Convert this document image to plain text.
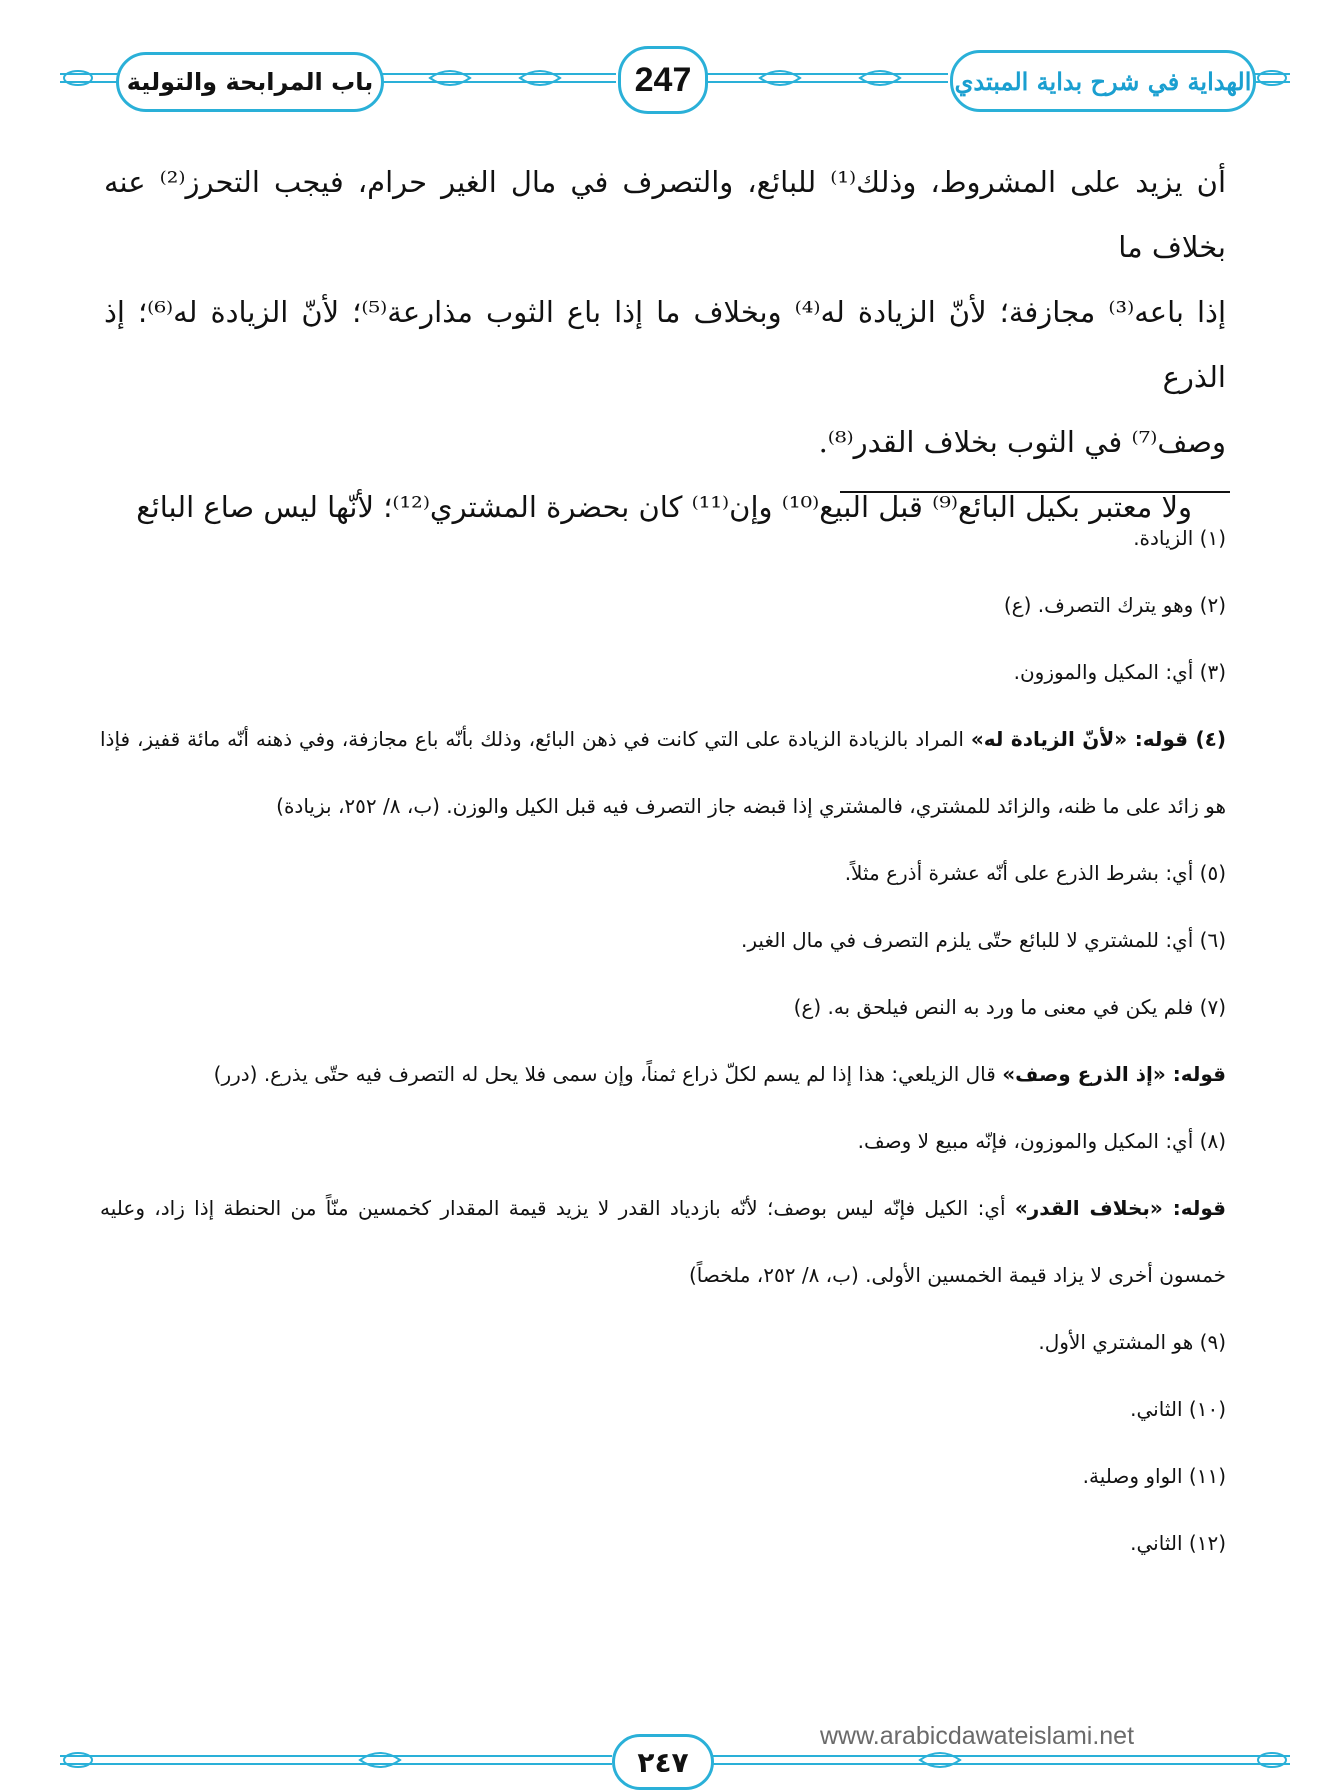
باب المرابحة والتولية	247	الهداية في شرح بداية المبتدي

أن يزيد على المشروط، وذلك⁽¹⁾ للبائع، والتصرف في مال الغير حرام، فيجب التحرز⁽²⁾ عنه بخلاف ما

إذا باعه⁽³⁾ مجازفة؛ لأنّ الزيادة له⁽⁴⁾ وبخلاف ما إذا باع الثوب مذارعة⁽⁵⁾؛ لأنّ الزيادة له⁽⁶⁾؛ إذ الذرع

وصف⁽⁷⁾ في الثوب بخلاف القدر⁽⁸⁾.

ولا معتبر بكيل البائع⁽⁹⁾ قبل البيع⁽¹⁰⁾ وإن⁽¹¹⁾ كان بحضرة المشتري⁽¹²⁾؛ لأنّها ليس صاع البائع

(١) الزيادة.
(٢) وهو يترك التصرف. (ع)
(٣) أي: المكيل والموزون.
(٤) قوله: «لأنّ الزيادة له» المراد بالزيادة الزيادة على التي كانت في ذهن البائع، وذلك بأنّه باع مجازفة، وفي ذهنه أنّه مائة قفيز، فإذا هو زائد على ما ظنه، والزائد للمشتري، فالمشتري إذا قبضه جاز التصرف فيه قبل الكيل والوزن. (ب، ٨/ ٢٥٢، بزيادة)
(٥) أي: بشرط الذرع على أنّه عشرة أذرع مثلاً.
(٦) أي: للمشتري لا للبائع حتّى يلزم التصرف في مال الغير.
(٧) فلم يكن في معنى ما ورد به النص فيلحق به. (ع)
قوله: «إذ الذرع وصف» قال الزيلعي: هذا إذا لم يسم لكلّ ذراع ثمناً، وإن سمى فلا يحل له التصرف فيه حتّى يذرع. (درر)
(٨) أي: المكيل والموزون، فإنّه مبيع لا وصف.
قوله: «بخلاف القدر» أي: الكيل فإنّه ليس بوصف؛ لأنّه بازدياد القدر لا يزيد قيمة المقدار كخمسين منّاً من الحنطة إذا زاد، وعليه خمسون أخرى لا يزاد قيمة الخمسين الأولى. (ب، ٨/ ٢٥٢، ملخصاً)
(٩) هو المشتري الأول.
(١٠) الثاني.
(١١) الواو وصلية.
(١٢) الثاني.
٢٤٧
www.arabicdawateislami.net
